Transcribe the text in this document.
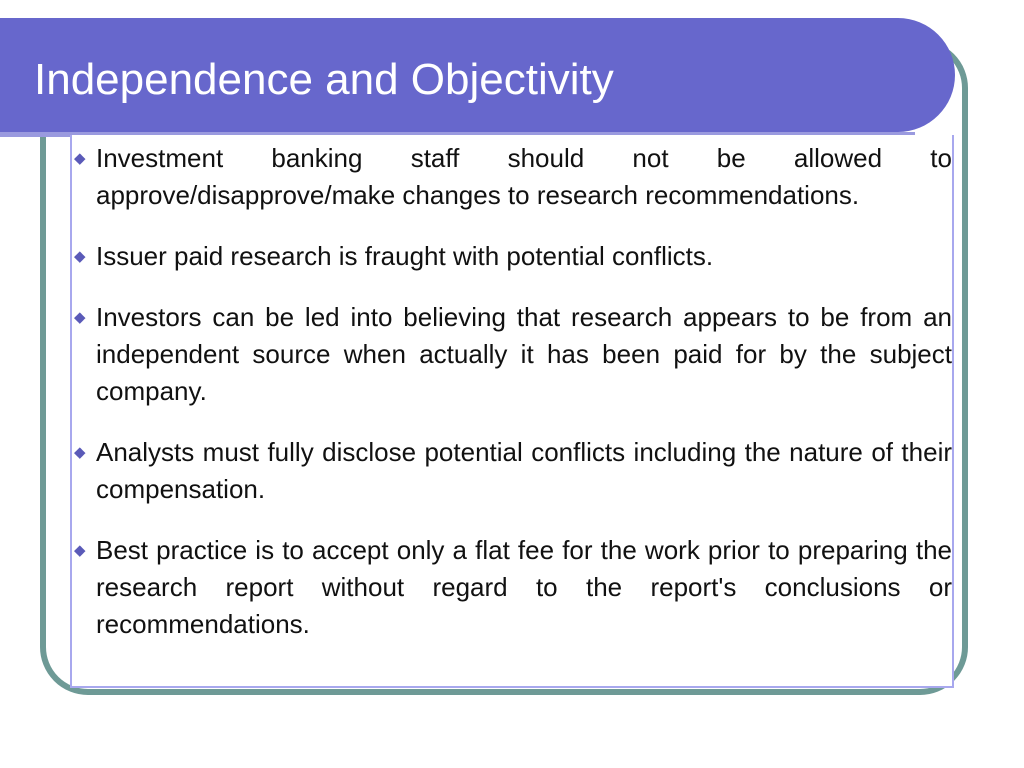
Independence and Objectivity
◆ Investment banking staff should not be allowed to approve/disapprove/make changes to research recommendations.
◆ Issuer paid research is fraught with potential conflicts.
◆ Investors can be led into believing that research appears to be from an independent source when actually it has been paid for by the subject company.
◆ Analysts must fully disclose potential conflicts including the nature of their compensation.
◆ Best practice is to accept only a flat fee for the work prior to preparing the research report without regard to the report's conclusions or recommendations.
